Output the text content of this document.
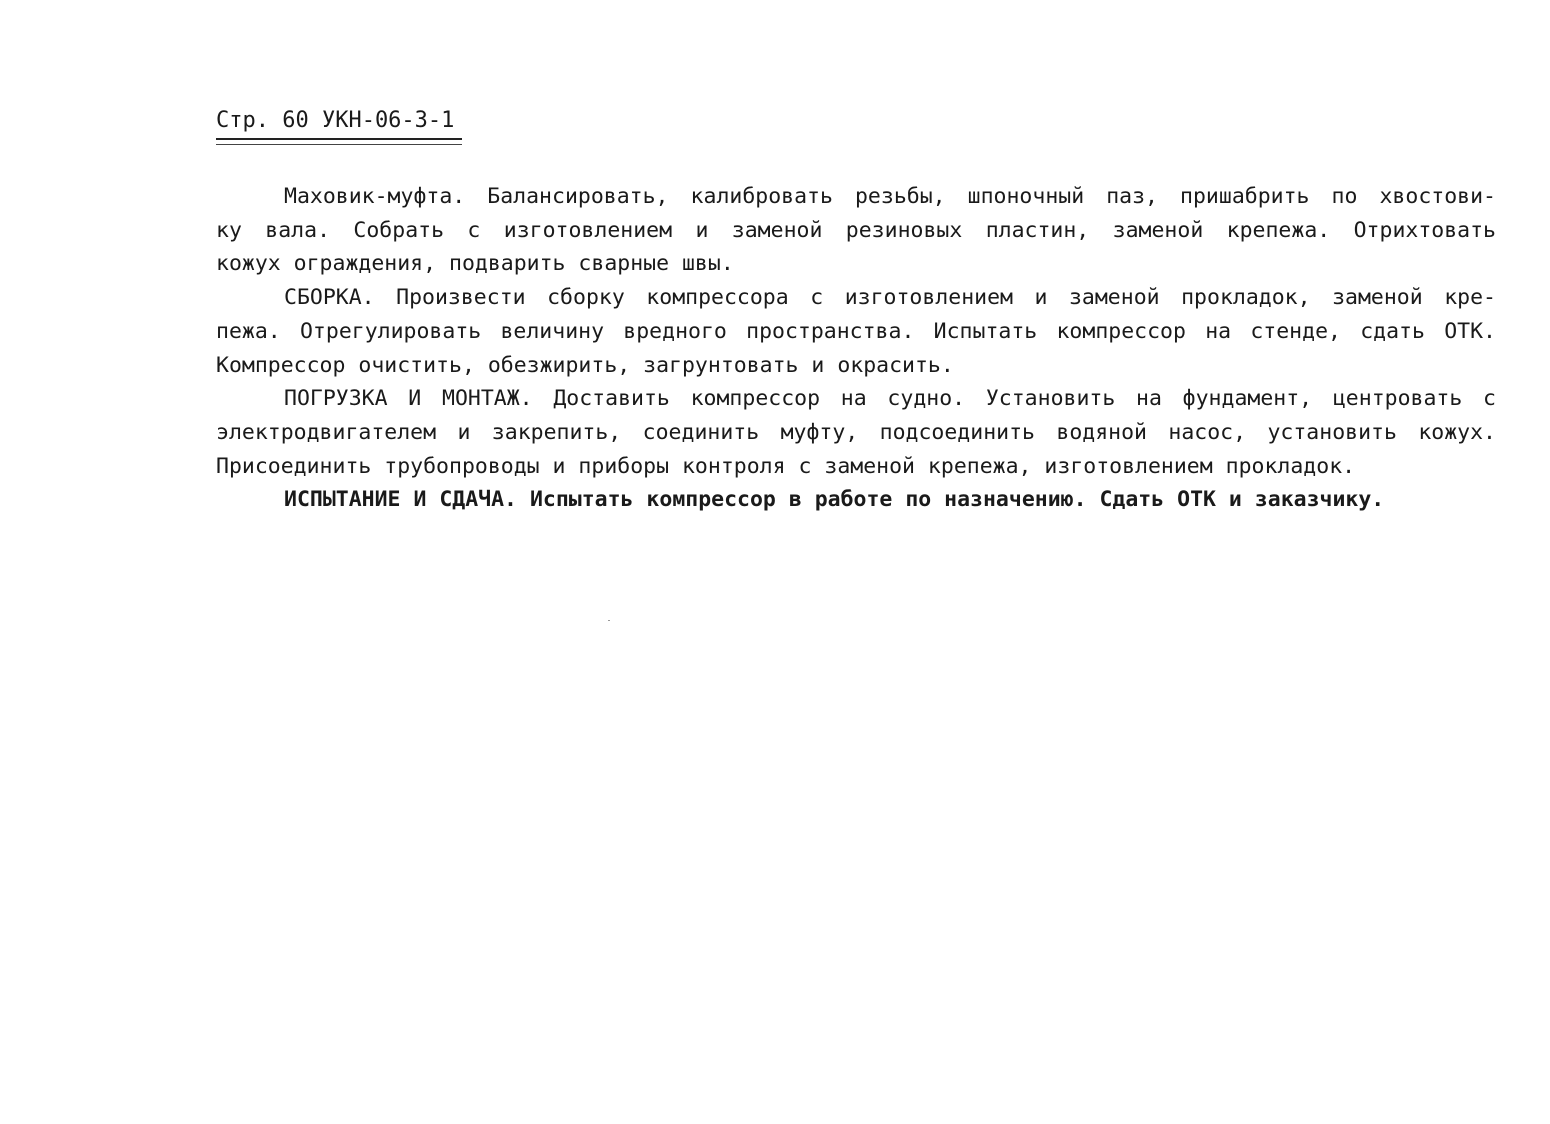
Стр. 60 УКН-06-3-1
Маховик-муфта. Балансировать, калибровать резьбы, шпоночный паз, пришабрить по хвостови-
ку вала. Собрать с изготовлением и заменой резиновых пластин, заменой крепежа. Отрихтовать
кожух ограждения, подварить сварные швы.
СБОРКА. Произвести сборку компрессора с изготовлением и заменой прокладок, заменой кре-
пежа. Отрегулировать величину вредного пространства. Испытать компрессор на стенде, сдать ОТК.
Компрессор очистить, обезжирить, загрунтовать и окрасить.
ПОГРУЗКА И МОНТАЖ. Доставить компрессор на судно. Установить на фундамент, центровать с
электродвигателем и закрепить, соединить муфту, подсоединить водяной насос, установить кожух.
Присоединить трубопроводы и приборы контроля с заменой крепежа, изготовлением прокладок.
ИСПЫТАНИЕ И СДАЧА. Испытать компрессор в работе по назначению. Сдать ОТК и заказчику.
